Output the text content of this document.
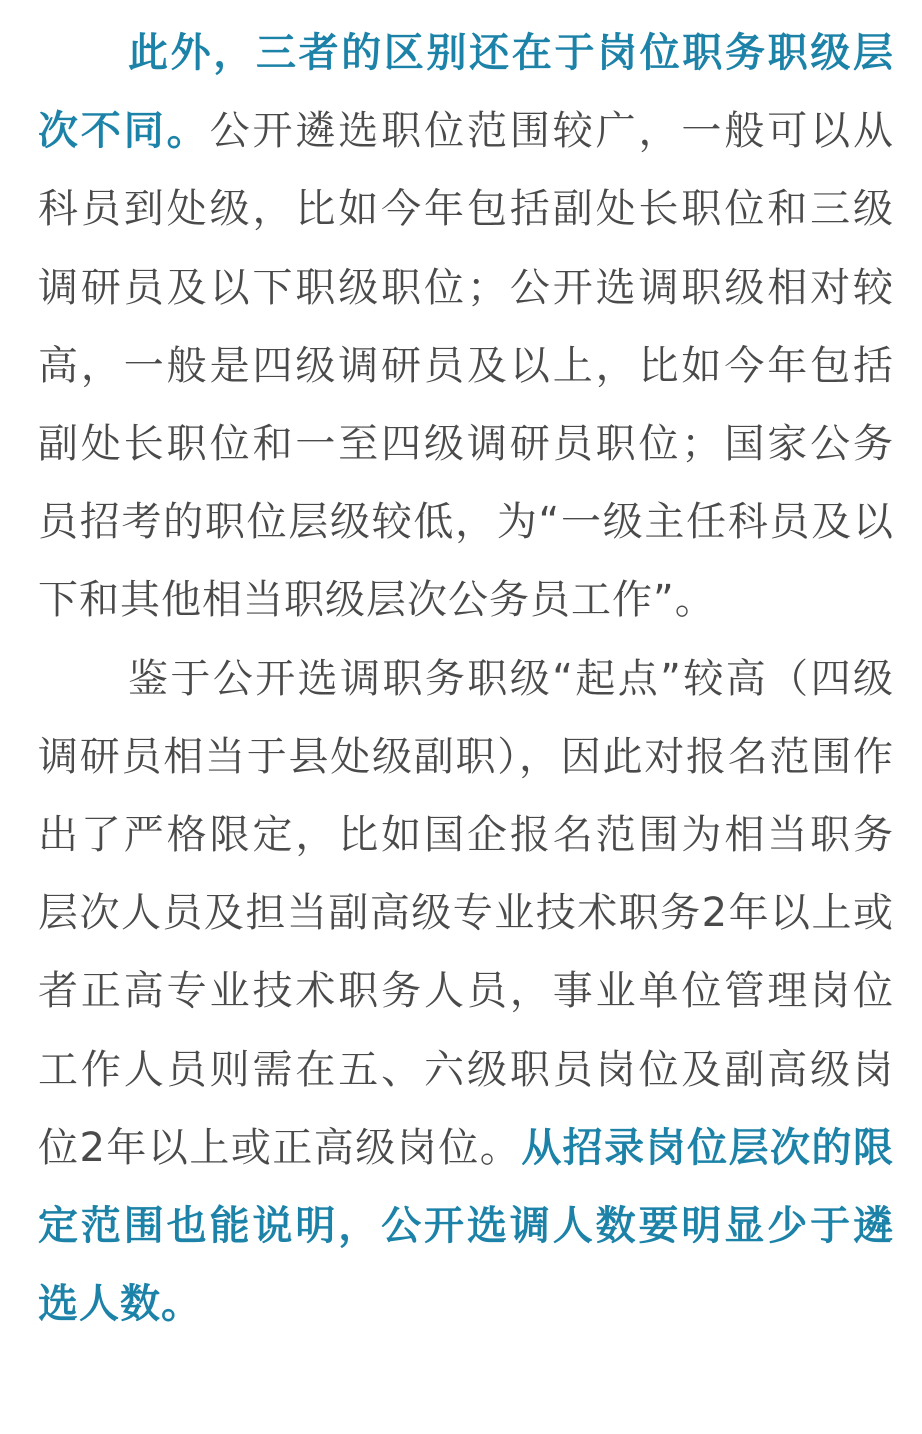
此外，三者的区别还在于岗位职务职级层次不同。公开遴选职位范围较广，一般可以从科员到处级，比如今年包括副处长职位和三级调研员及以下职级职位；公开选调职级相对较高，一般是四级调研员及以上，比如今年包括副处长职位和一至四级调研员职位；国家公务员招考的职位层级较低，为“一级主任科员及以下和其他相当职级层次公务员工作”。

鉴于公开选调职务职级“起点”较高（四级调研员相当于县处级副职），因此对报名范围作出了严格限定，比如国企报名范围为相当职务层次人员及担当副高级专业技术职务2年以上或者正高专业技术职务人员，事业单位管理岗位工作人员则需在五、六级职员岗位及副高级岗位2年以上或正高级岗位。从招录岗位层次的限定范围也能说明，公开选调人数要明显少于遴选人数。
